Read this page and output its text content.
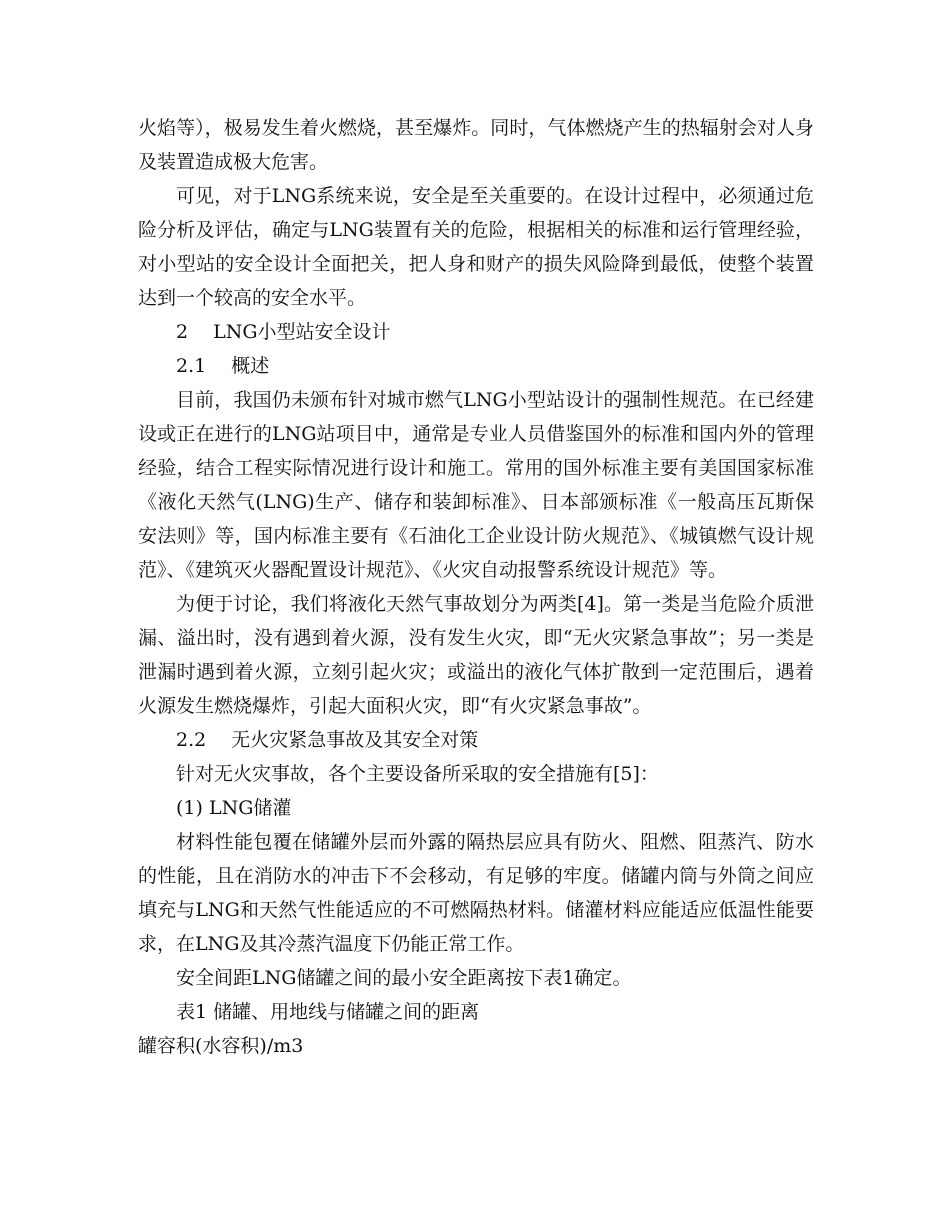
火焰等），极易发生着火燃烧，甚至爆炸。同时，气体燃烧产生的热辐射会对人身及装置造成极大危害。

可见，对于LNG系统来说，安全是至关重要的。在设计过程中，必须通过危险分析及评估，确定与LNG装置有关的危险，根据相关的标准和运行管理经验，对小型站的安全设计全面把关，把人身和财产的损失风险降到最低，使整个装置达到一个较高的安全水平。

2　 LNG小型站安全设计

2.1　 概述

目前，我国仍未颁布针对城市燃气LNG小型站设计的强制性规范。在已经建设或正在进行的LNG站项目中，通常是专业人员借鉴国外的标准和国内外的管理经验，结合工程实际情况进行设计和施工。常用的国外标准主要有美国国家标准《液化天然气(LNG)生产、储存和装卸标准》、日本部颁标准《一般高压瓦斯保安法则》等，国内标准主要有《石油化工企业设计防火规范》、《城镇燃气设计规范》、《建筑灭火器配置设计规范》、《火灾自动报警系统设计规范》等。

为便于讨论，我们将液化天然气事故划分为两类[4]。第一类是当危险介质泄漏、溢出时，没有遇到着火源，没有发生火灾，即“无火灾紧急事故”；另一类是泄漏时遇到着火源，立刻引起火灾；或溢出的液化气体扩散到一定范围后，遇着火源发生燃烧爆炸，引起大面积火灾，即“有火灾紧急事故”。

2.2　 无火灾紧急事故及其安全对策

针对无火灾事故，各个主要设备所采取的安全措施有[5]：

(1) LNG储灌

材料性能包覆在储罐外层而外露的隔热层应具有防火、阻燃、阻蒸汽、防水的性能，且在消防水的冲击下不会移动，有足够的牢度。储罐内筒与外筒之间应填充与LNG和天然气性能适应的不可燃隔热材料。储灌材料应能适应低温性能要求，在LNG及其冷蒸汽温度下仍能正常工作。

安全间距LNG储罐之间的最小安全距离按下表1确定。

表1 储罐、用地线与储罐之间的距离

罐容积(水容积)/m3
